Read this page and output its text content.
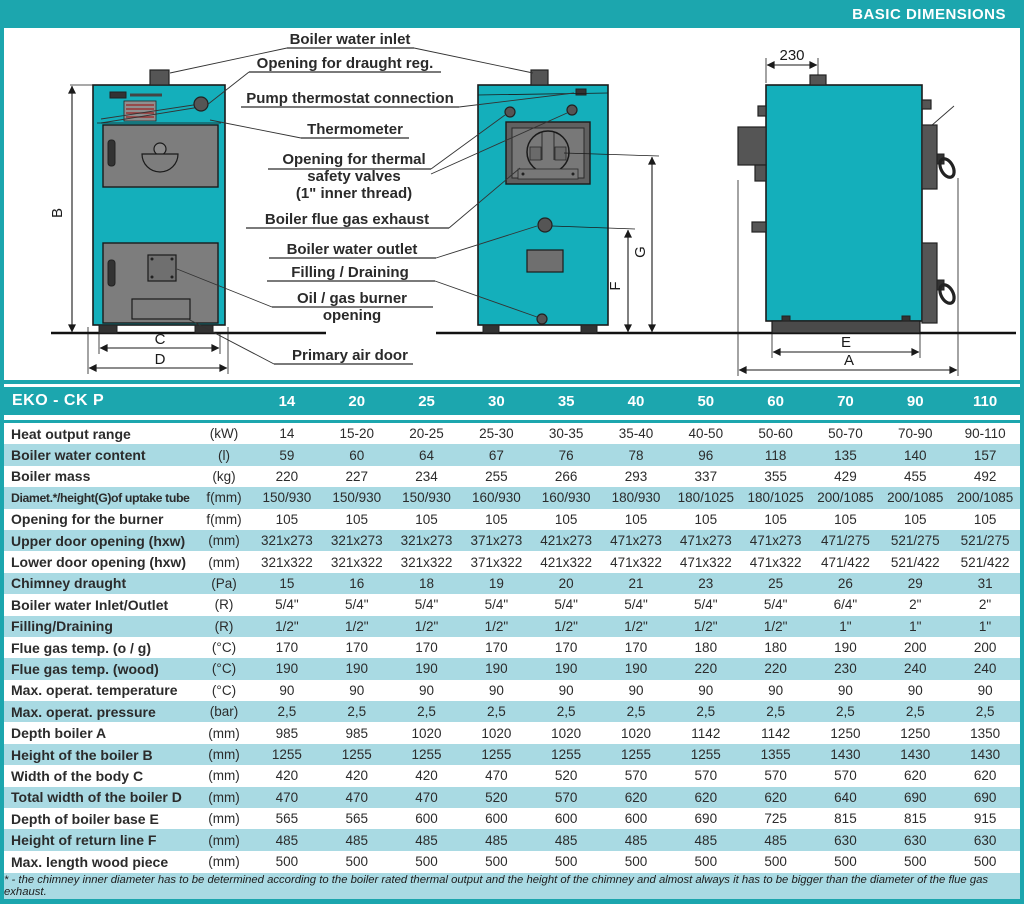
BASIC DIMENSIONS
B
C
D
F
G
230
E
A
Boiler water inlet
Opening for draught reg.
Pump thermostat connection
Thermometer
Opening for thermal
safety valves
(1" inner thread)
Boiler flue gas exhaust
Boiler water outlet
Filling / Draining
Oil / gas burner
opening
Primary air door
EKO - CK P	14	20	25	30	35	40	50	60	70	90	110
Heat output range	(kW)	14	15-20	20-25	25-30	30-35	35-40	40-50	50-60	50-70	70-90	90-110
Boiler water content	(l)	59	60	64	67	76	78	96	118	135	140	157
Boiler mass	(kg)	220	227	234	255	266	293	337	355	429	455	492
Diamet.*/height(G)of uptake tube	f(mm)	150/930	150/930	150/930	160/930	160/930	180/930	180/1025	180/1025	200/1085	200/1085	200/1085
Opening for the burner	f(mm)	105	105	105	105	105	105	105	105	105	105	105
Upper door opening (hxw)	(mm)	321x273	321x273	321x273	371x273	421x273	471x273	471x273	471x273	471/275	521/275	521/275
Lower door opening (hxw)	(mm)	321x322	321x322	321x322	371x322	421x322	471x322	471x322	471x322	471/422	521/422	521/422
Chimney draught	(Pa)	15	16	18	19	20	21	23	25	26	29	31
Boiler water Inlet/Outlet	(R)	5/4"	5/4"	5/4"	5/4"	5/4"	5/4"	5/4"	5/4"	6/4"	2"	2"
Filling/Draining	(R)	1/2"	1/2"	1/2"	1/2"	1/2"	1/2"	1/2"	1/2"	1"	1"	1"
Flue gas temp. (o / g)	(°C)	170	170	170	170	170	170	180	180	190	200	200
Flue gas temp. (wood)	(°C)	190	190	190	190	190	190	220	220	230	240	240
Max. operat. temperature	(°C)	90	90	90	90	90	90	90	90	90	90	90
Max. operat. pressure	(bar)	2,5	2,5	2,5	2,5	2,5	2,5	2,5	2,5	2,5	2,5	2,5
Depth boiler A	(mm)	985	985	1020	1020	1020	1020	1142	1142	1250	1250	1350
Height of the boiler B	(mm)	1255	1255	1255	1255	1255	1255	1255	1355	1430	1430	1430
Width of the body C	(mm)	420	420	420	470	520	570	570	570	570	620	620
Total width of the boiler D	(mm)	470	470	470	520	570	620	620	620	640	690	690
Depth of boiler base E	(mm)	565	565	600	600	600	600	690	725	815	815	915
Height of return line F	(mm)	485	485	485	485	485	485	485	485	630	630	630
Max. length wood piece	(mm)	500	500	500	500	500	500	500	500	500	500	500
* - the chimney inner diameter has to be determined according to the boiler rated thermal output and the height of the chimney and almost always it has to be bigger than the diameter of the flue gas exhaust.
